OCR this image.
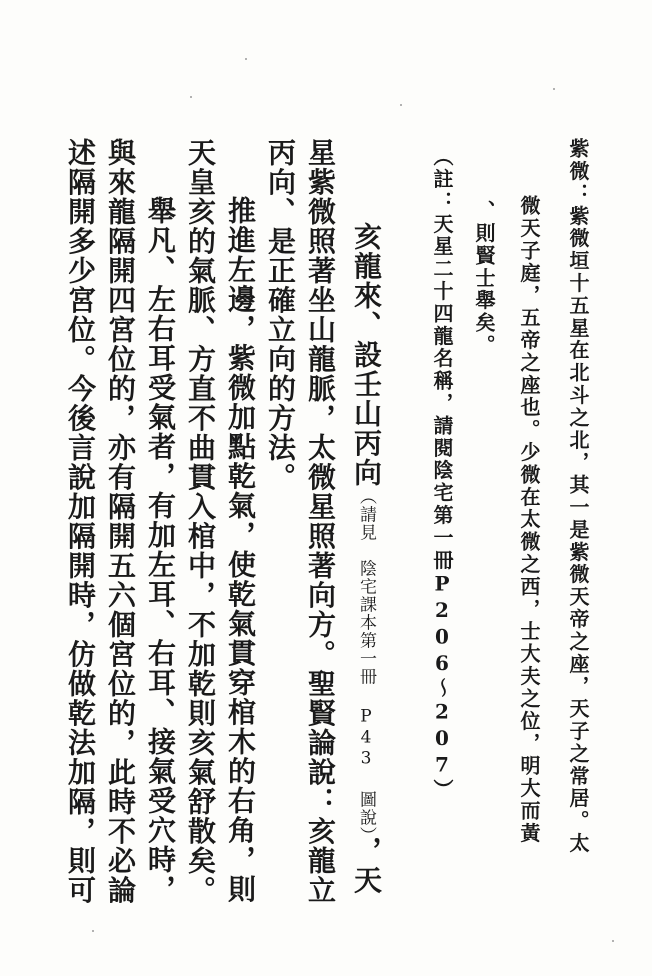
紫微：紫微垣十五星在北斗之北，其一是紫微天帝之座，天子之常居。太
微天子庭，五帝之座也。少微在太微之西，士大夫之位，明大而黃
、則賢士舉矣。
（註：天星二十四龍名稱，請閱陰宅第一冊P206～207）
亥龍來、設壬山丙向（請見　陰宅課本第一冊 P43 圖說），天
星紫微照著坐山龍脈，太微星照著向方。聖賢論說：亥龍立
丙向、是正確立向的方法。
推進左邊，紫微加點乾氣，使乾氣貫穿棺木的右角，則
天皇亥的氣脈、方直不曲貫入棺中，不加乾則亥氣舒散矣。
舉凡、左右耳受氣者，有加左耳、右耳、接氣受穴時，
與來龍隔開四宮位的，亦有隔開五六個宮位的，此時不必論
述隔開多少宮位。今後言說加隔開時，仿做乾法加隔，則可
